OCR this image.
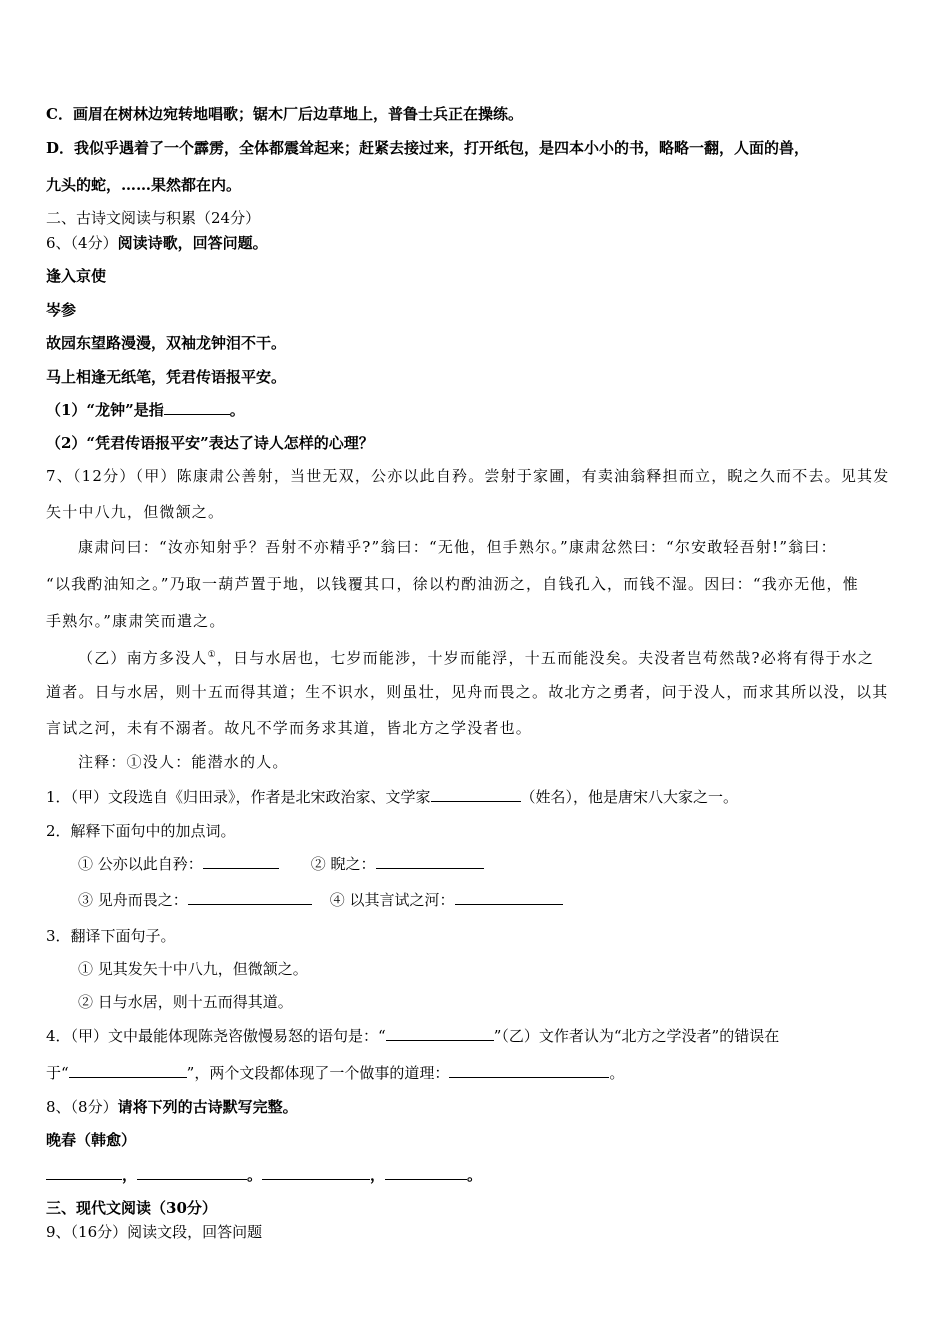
C．画眉在树林边宛转地唱歌；锯木厂后边草地上，普鲁士兵正在操练。
D．我似乎遇着了一个霹雳，全体都震耸起来；赶紧去接过来，打开纸包，是四本小小的书，略略一翻，人面的兽，
九头的蛇，……果然都在内。
二、古诗文阅读与积累（24分）
6、（4分）阅读诗歌，回答问题。
逢入京使
岑参
故园东望路漫漫，双袖龙钟泪不干。
马上相逢无纸笔，凭君传语报平安。
（1）“龙钟”是指	。
（2）“凭君传语报平安”表达了诗人怎样的心理？
7、（12分）（甲）陈康肃公善射，当世无双，公亦以此自矜。尝射于家圃，有卖油翁释担而立，睨之久而不去。见其发
矢十中八九，但微颔之。
康肃问曰：“汝亦知射乎？吾射不亦精乎?”翁曰：“无他，但手熟尔。”康肃忿然曰：“尔安敢轻吾射!”翁曰：
“以我酌油知之。”乃取一葫芦置于地，以钱覆其口，徐以杓酌油沥之，自钱孔入，而钱不湿。因曰：“我亦无他，惟
手熟尔。”康肃笑而遣之。
（乙）南方多没人①，日与水居也，七岁而能涉，十岁而能浮，十五而能没矣。夫没者岂苟然哉?必将有得于水之
道者。日与水居，则十五而得其道；生不识水，则虽壮，见舟而畏之。故北方之勇者，问于没人，而求其所以没，以其
言试之河，未有不溺者。故凡不学而务求其道，皆北方之学没者也。
注释：①没人：能潜水的人。
1．（甲）文段选自《归田录》，作者是北宋政治家、文学家	（姓名），他是唐宋八大家之一。
2．解释下面句中的加点词。
① 公亦以此自矜：	② 睨之：
③ 见舟而畏之：	④ 以其言试之河：
3．翻译下面句子。
① 见其发矢十中八九，但微颔之。
② 日与水居，则十五而得其道。
4．（甲）文中最能体现陈尧咨傲慢易怒的语句是：“	”（乙）文作者认为“北方之学没者”的错误在
于“	”，两个文段都体现了一个做事的道理：	。
8、（8分）请将下列的古诗默写完整。
晚春（韩愈）
，	。	，	。
三、现代文阅读（30分）
9、（16分）阅读文段，回答问题
